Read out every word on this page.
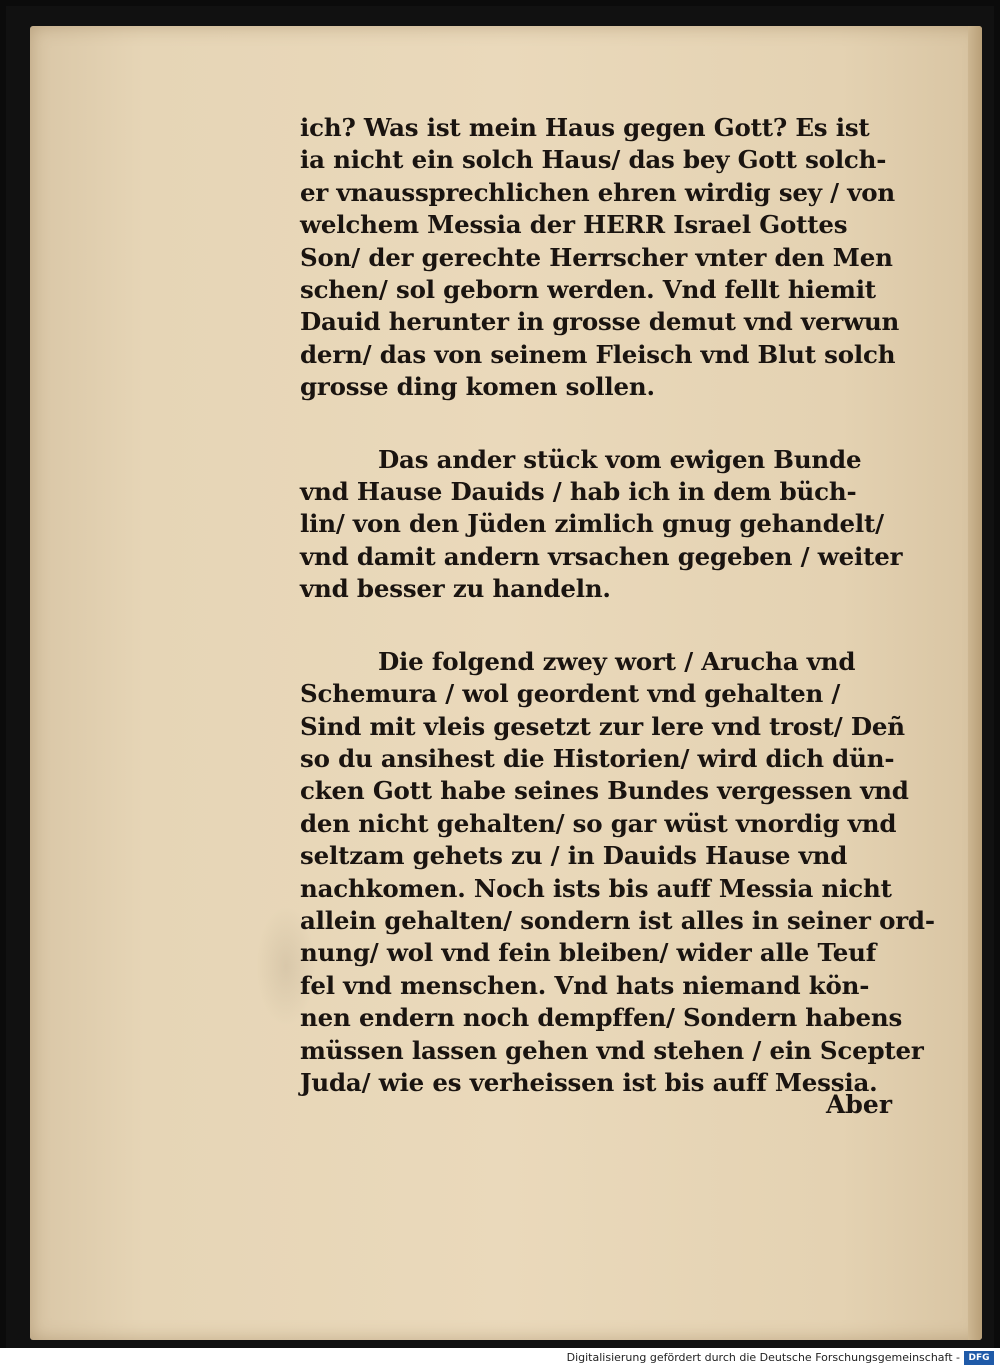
ich? Was ist mein Haus gegen Gott? Es ist
ia nicht ein solch Haus/ das bey Gott solch-
er vnaussprechlichen ehren wirdig sey / von
welchem Messia der HERR Israel Gottes
Son/ der gerechte Herrscher vnter den Men
schen/ sol geborn werden. Vnd fellt hiemit
Dauid herunter in grosse demut vnd verwun
dern/ das von seinem Fleisch vnd Blut solch
grosse ding komen sollen.

Das ander stück vom ewigen Bunde
vnd Hause Dauids / hab ich in dem büch-
lin/ von den Jüden zimlich gnug gehandelt/
vnd damit andern vrsachen gegeben / weiter
vnd besser zu handeln.

Die folgend zwey wort / Arucha vnd
Schemura / wol geordent vnd gehalten /
Sind mit vleis gesetzt zur lere vnd trost/ Deñ
so du ansihest die Historien/ wird dich dün-
cken Gott habe seines Bundes vergessen vnd
den nicht gehalten/ so gar wüst vnordig vnd
seltzam gehets zu / in Dauids Hause vnd
nachkomen. Noch ists bis auff Messia nicht
allein gehalten/ sondern ist alles in seiner ord-
nung/ wol vnd fein bleiben/ wider alle Teuf
fel vnd menschen. Vnd hats niemand kön-
nen endern noch dempffen/ Sondern habens
müssen lassen gehen vnd stehen / ein Scepter
Juda/ wie es verheissen ist bis auff Messia.

Aber
Digitalisierung gefördert durch die Deutsche Forschungsgemeinschaft - DFG
